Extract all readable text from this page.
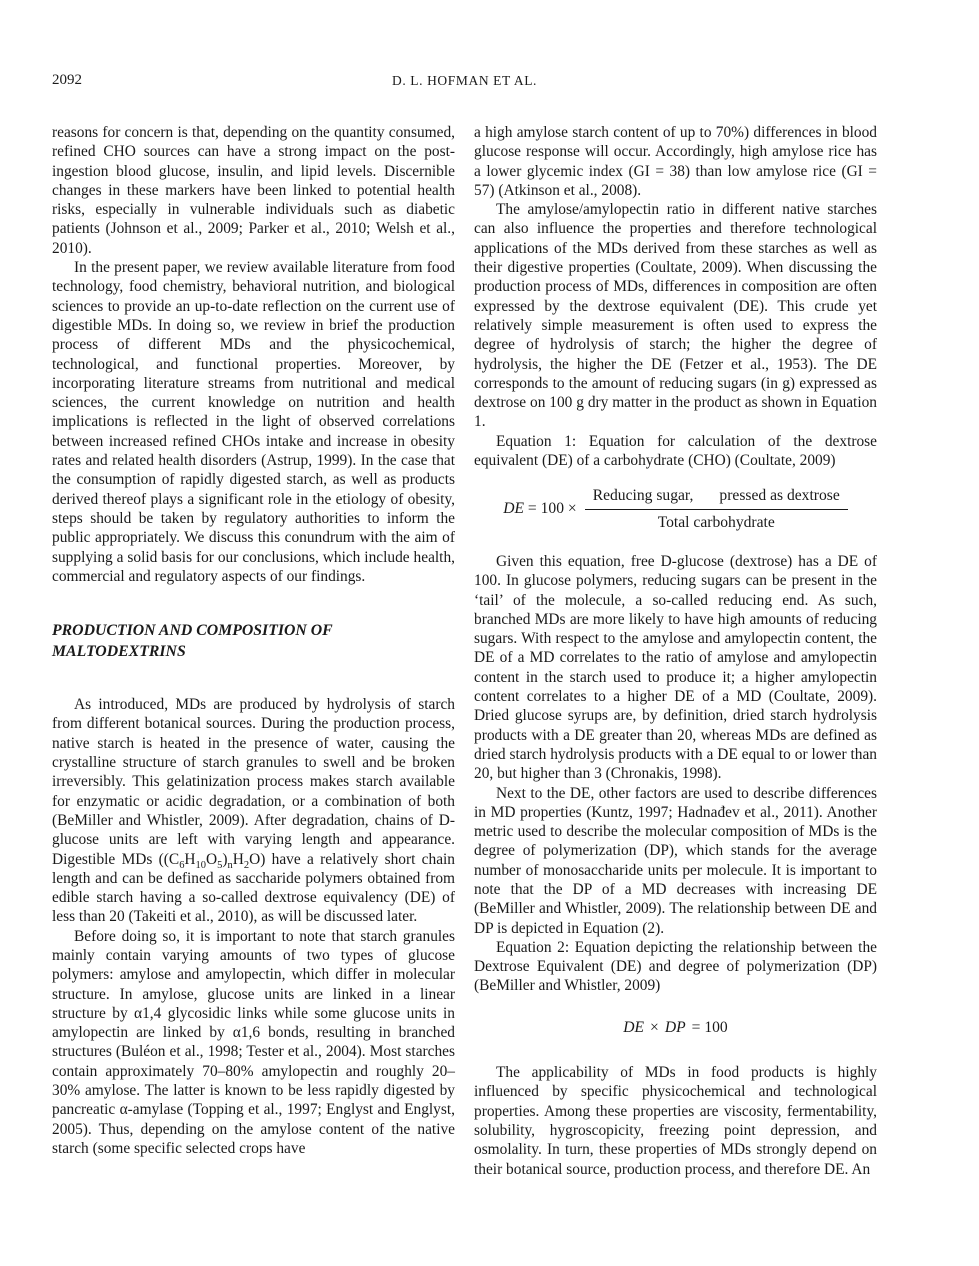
2092	D. L. HOFMAN ET AL.

reasons for concern is that, depending on the quantity consumed, refined CHO sources can have a strong impact on the post-ingestion blood glucose, insulin, and lipid levels. Discernible changes in these markers have been linked to potential health risks, especially in vulnerable individuals such as diabetic patients (Johnson et al., 2009; Parker et al., 2010; Welsh et al., 2010).

In the present paper, we review available literature from food technology, food chemistry, behavioral nutrition, and biological sciences to provide an up-to-date reflection on the current use of digestible MDs. In doing so, we review in brief the production process of different MDs and the physicochemical, technological, and functional properties. Moreover, by incorporating literature streams from nutritional and medical sciences, the current knowledge on nutrition and health implications is reflected in the light of observed correlations between increased refined CHOs intake and increase in obesity rates and related health disorders (Astrup, 1999). In the case that the consumption of rapidly digested starch, as well as products derived thereof plays a significant role in the etiology of obesity, steps should be taken by regulatory authorities to inform the public appropriately. We discuss this conundrum with the aim of supplying a solid basis for our conclusions, which include health, commercial and regulatory aspects of our findings.

PRODUCTION AND COMPOSITION OF
MALTODEXTRINS

As introduced, MDs are produced by hydrolysis of starch from different botanical sources. During the production process, native starch is heated in the presence of water, causing the crystalline structure of starch granules to swell and be broken irreversibly. This gelatinization process makes starch available for enzymatic or acidic degradation, or a combination of both (BeMiller and Whistler, 2009). After degradation, chains of D-glucose units are left with varying length and appearance. Digestible MDs $((C_6H_{10}O_5)_nH_2O)$ have a relatively short chain length and can be defined as saccharide polymers obtained from edible starch having a so-called dextrose equivalency (DE) of less than 20 (Takeiti et al., 2010), as will be discussed later.

Before doing so, it is important to note that starch granules mainly contain varying amounts of two types of glucose polymers: amylose and amylopectin, which differ in molecular structure. In amylose, glucose units are linked in a linear structure by α1,4 glycosidic links while some glucose units in amylopectin are linked by α1,6 bonds, resulting in branched structures (Buléon et al., 1998; Tester et al., 2004). Most starches contain approximately 70–80% amylopectin and roughly 20–30% amylose. The latter is known to be less rapidly digested by pancreatic α-amylase (Topping et al., 1997; Englyst and Englyst, 2005). Thus, depending on the amylose content of the native starch (some specific selected crops have

a high amylose starch content of up to 70%) differences in blood glucose response will occur. Accordingly, high amylose rice has a lower glycemic index (GI = 38) than low amylose rice (GI = 57) (Atkinson et al., 2008).

The amylose/amylopectin ratio in different native starches can also influence the properties and therefore technological applications of the MDs derived from these starches as well as their digestive properties (Coultate, 2009). When discussing the production process of MDs, differences in composition are often expressed by the dextrose equivalent (DE). This crude yet relatively simple measurement is often used to express the degree of hydrolysis of starch; the higher the degree of hydrolysis, the higher the DE (Fetzer et al., 1953). The DE corresponds to the amount of reducing sugars (in g) expressed as dextrose on 100 g dry matter in the product as shown in Equation 1.

Equation 1: Equation for calculation of the dextrose equivalent (DE) of a carbohydrate (CHO) (Coultate, 2009)

DE = $100 \times \frac{\text{Reducing sugar, pressed as dextrose}}{\text{Total carbohydrate}}$

Given this equation, free D-glucose (dextrose) has a DE of 100. In glucose polymers, reducing sugars can be present in the ‘tail’ of the molecule, a so-called reducing end. As such, branched MDs are more likely to have high amounts of reducing sugars. With respect to the amylose and amylopectin content, the DE of a MD correlates to the ratio of amylose and amylopectin content in the starch used to produce it; a higher amylopectin content correlates to a higher DE of a MD (Coultate, 2009). Dried glucose syrups are, by definition, dried starch hydrolysis products with a DE greater than 20, whereas MDs are defined as dried starch hydrolysis products with a DE equal to or lower than 20, but higher than 3 (Chronakis, 1998).

Next to the DE, other factors are used to describe differences in MD properties (Kuntz, 1997; Hadnađev et al., 2011). Another metric used to describe the molecular composition of MDs is the degree of polymerization (DP), which stands for the average number of monosaccharide units per molecule. It is important to note that the DP of a MD decreases with increasing DE (BeMiller and Whistler, 2009). The relationship between DE and DP is depicted in Equation (2).

Equation 2: Equation depicting the relationship between the Dextrose Equivalent (DE) and degree of polymerization (DP) (BeMiller and Whistler, 2009)

DE × DP = 100

The applicability of MDs in food products is highly influenced by specific physicochemical and technological properties. Among these properties are viscosity, fermentability, solubility, hygroscopicity, freezing point depression, and osmolality. In turn, these properties of MDs strongly depend on their botanical source, production process, and therefore DE. An
